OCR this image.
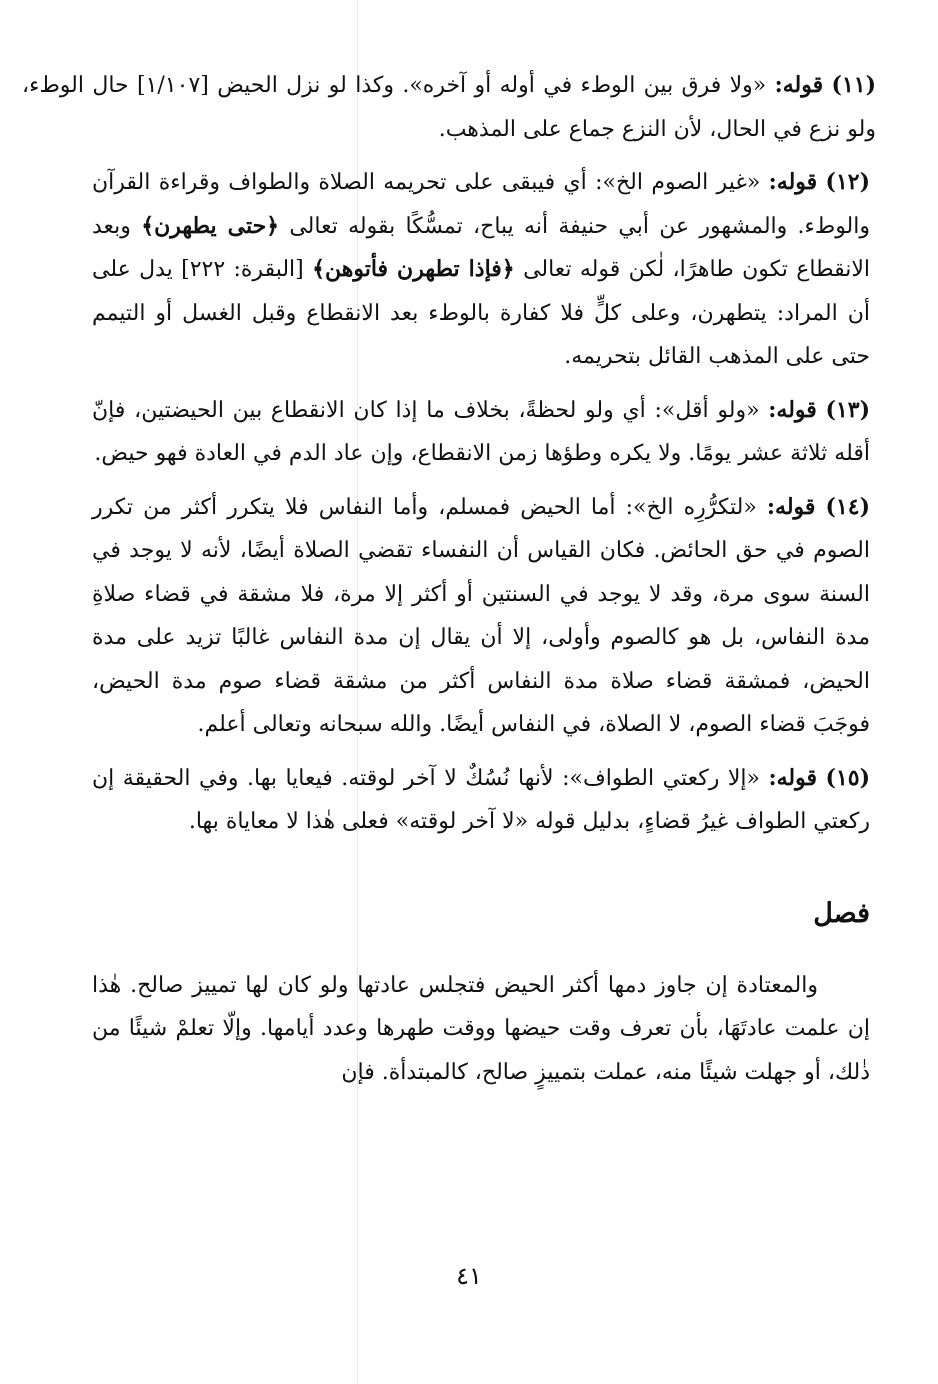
(١١) قوله: «ولا فرق بين الوطء في أوله أو آخره». وكذا لو نزل الحيض [١/١٠٧] حال الوطء، ولو نزع في الحال، لأن النزع جماع على المذهب.

(١٢) قوله: «غير الصوم الخ»: أي فيبقى على تحريمه الصلاة والطواف وقراءة القرآن والوطء. والمشهور عن أبي حنيفة أنه يباح، تمسُّكًا بقوله تعالى ﴿حتى يطهرن﴾ وبعد الانقطاع تكون طاهرًا، لٰكن قوله تعالى ﴿فإذا تطهرن فأتوهن﴾ [البقرة: ٢٢٢] يدل على أن المراد: يتطهرن، وعلى كلٍّ فلا كفارة بالوطء بعد الانقطاع وقبل الغسل أو التيمم حتى على المذهب القائل بتحريمه.

(١٣) قوله: «ولو أقل»: أي ولو لحظةً، بخلاف ما إذا كان الانقطاع بين الحيضتين، فإنّ أقله ثلاثة عشر يومًا. ولا يكره وطؤها زمن الانقطاع، وإن عاد الدم في العادة فهو حيض.

(١٤) قوله: «لتكرُّرِه الخ»: أما الحيض فمسلم، وأما النفاس فلا يتكرر أكثر من تكرر الصوم في حق الحائض. فكان القياس أن النفساء تقضي الصلاة أيضًا، لأنه لا يوجد في السنة سوى مرة، وقد لا يوجد في السنتين أو أكثر إلا مرة، فلا مشقة في قضاء صلاةِ مدة النفاس، بل هو كالصوم وأولى، إلا أن يقال إن مدة النفاس غالبًا تزيد على مدة الحيض، فمشقة قضاء صلاة مدة النفاس أكثر من مشقة قضاء صوم مدة الحيض، فوجَبَ قضاء الصوم، لا الصلاة، في النفاس أيضًا. والله سبحانه وتعالى أعلم.

(١٥) قوله: «إلا ركعتي الطواف»: لأنها نُسُكٌ لا آخر لوقته. فيعايا بها. وفي الحقيقة إن ركعتي الطواف غيرُ قضاءٍ، بدليل قوله «لا آخر لوقته» فعلى هٰذا لا معاياة بها.

فصل

والمعتادة إن جاوز دمها أكثر الحيض فتجلس عادتها ولو كان لها تمييز صالح. هٰذا إن علمت عادتَهَا، بأن تعرف وقت حيضها ووقت طهرها وعدد أيامها. وإلّا تعلمْ شيئًا من ذٰلك، أو جهلت شيئًا منه، عملت بتمييزٍ صالح، كالمبتدأة. فإن

٤١
